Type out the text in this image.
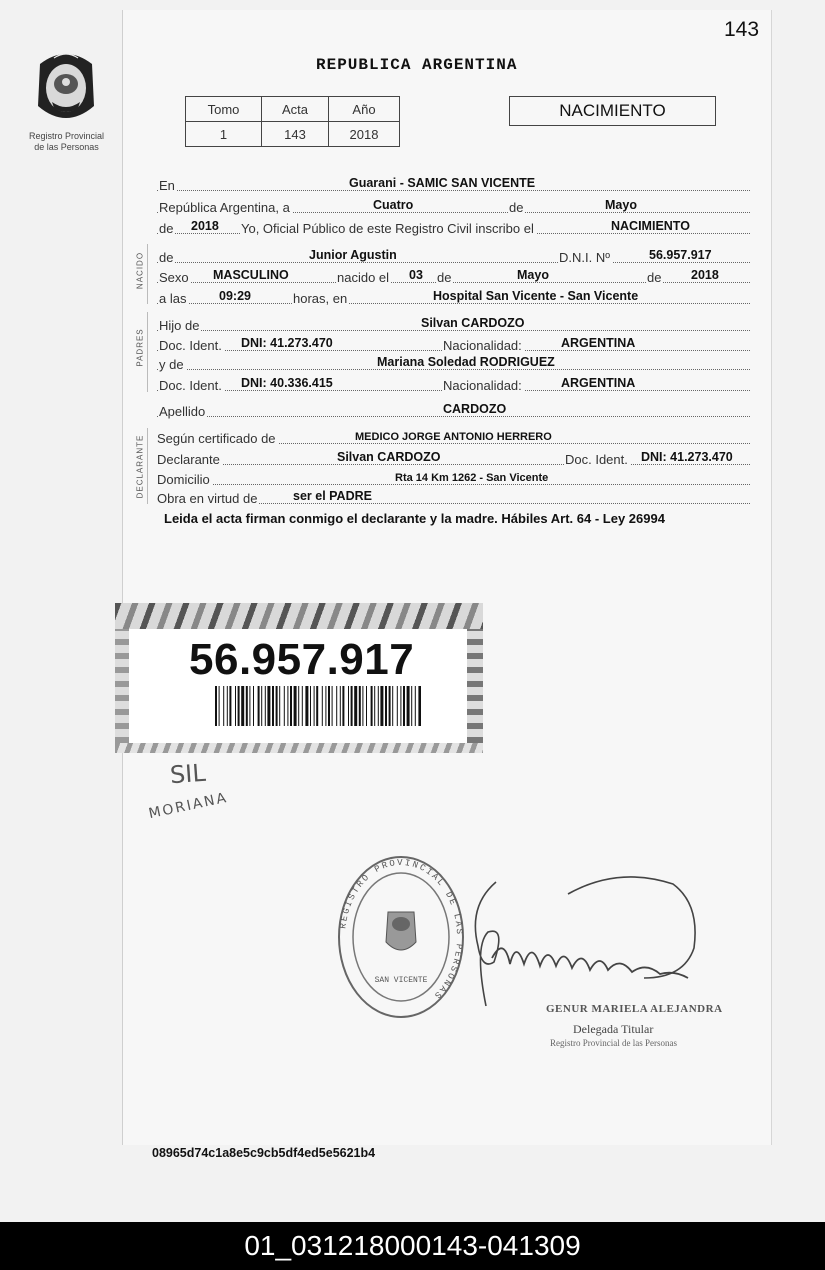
143
Registro Provincial
de las Personas
REPUBLICA ARGENTINA
Tomo	Acta	Año
1	143	2018
NACIMIENTO
NACIDO
PADRES
DECLARANTE
En	Guarani - SAMIC SAN VICENTE
República Argentina, a	Cuatro	de	Mayo
de 2018 Yo, Oficial Público de este Registro Civil inscribo el	NACIMIENTO
de	Junior Agustin	D.N.I. Nº	56.957.917
Sexo MASCULINO	nacido el 03 de	Mayo	de 2018
a las	09:29	horas, en	Hospital San Vicente - San Vicente
Hijo de	Silvan CARDOZO
Doc. Ident. DNI: 41.273.470	Nacionalidad:	ARGENTINA
y de	Mariana Soledad RODRIGUEZ
Doc. Ident. DNI: 40.336.415	Nacionalidad:	ARGENTINA
Apellido	CARDOZO
Según certificado de	MEDICO JORGE ANTONIO HERRERO
Declarante	Silvan CARDOZO	Doc. Ident. DNI: 41.273.470
Domicilio	Rta 14 Km 1262 - San Vicente
Obra en virtud de	ser el PADRE
Leida el acta firman conmigo el declarante y la madre. Hábiles Art. 64 - Ley 26994
56.957.917
SIL
MORIANA
REGISTRO PROVINCIAL DE LAS PERSONAS
SAN VICENTE
GENUR MARIELA ALEJANDRA
Delegada Titular
Registro Provincial de las Personas
08965d74c1a8e5c9cb5df4ed5e5621b4
01_031218000143-041309
